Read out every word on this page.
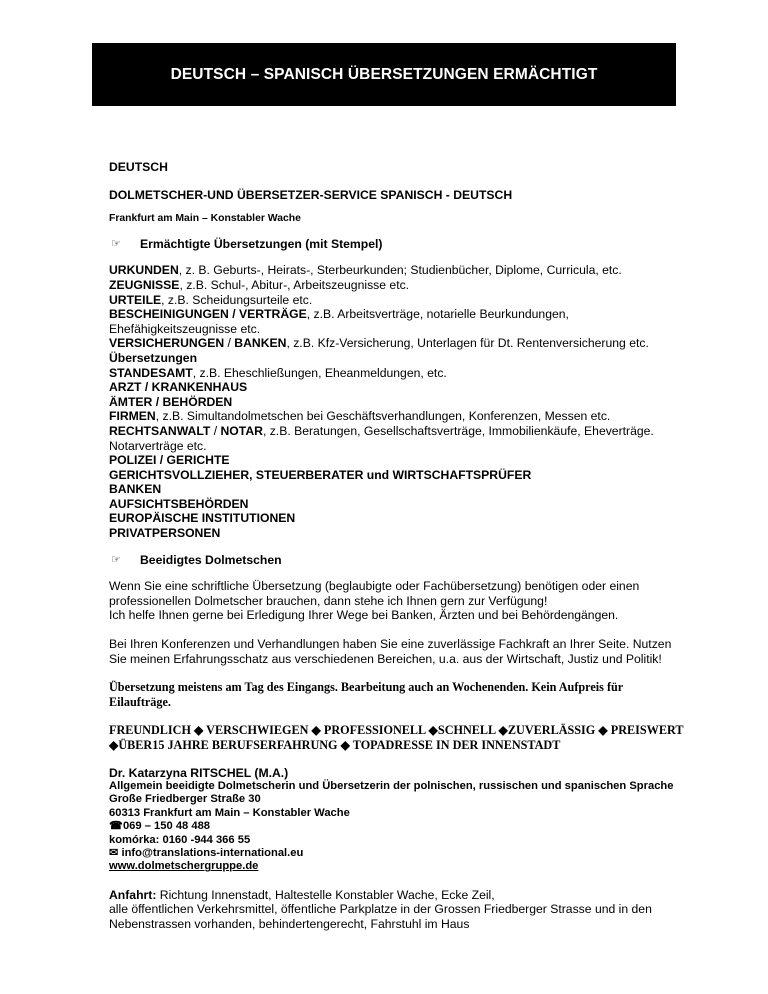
DEUTSCH – SPANISCH ÜBERSETZUNGEN ERMÄCHTIGT
DEUTSCH
DOLMETSCHER-UND ÜBERSETZER-SERVICE SPANISCH - DEUTSCH
Frankfurt am Main – Konstabler Wache
☞	Ermächtigte Übersetzungen (mit Stempel)
URKUNDEN, z. B. Geburts-, Heirats-, Sterbeurkunden; Studienbücher, Diplome, Curricula, etc.
ZEUGNISSE, z.B. Schul-, Abitur-, Arbeitszeugnisse etc.
URTEILE, z.B. Scheidungsurteile etc.
BESCHEINIGUNGEN / VERTRÄGE, z.B. Arbeitsverträge, notarielle Beurkundungen,
Ehefähigkeitszeugnisse etc.
VERSICHERUNGEN / BANKEN, z.B. Kfz-Versicherung, Unterlagen für Dt. Rentenversicherung etc.
Übersetzungen
STANDESAMT, z.B. Eheschließungen, Eheanmeldungen, etc.
ARZT / KRANKENHAUS
ÄMTER / BEHÖRDEN
FIRMEN, z.B. Simultandolmetschen bei Geschäftsverhandlungen, Konferenzen, Messen etc.
RECHTSANWALT / NOTAR, z.B. Beratungen, Gesellschaftsverträge, Immobilienkäufe, Eheverträge.
Notarverträge etc.
POLIZEI / GERICHTE
GERICHTSVOLLZIEHER, STEUERBERATER und WIRTSCHAFTSPRÜFER
BANKEN
AUFSICHTSBEHÖRDEN
EUROPÄISCHE INSTITUTIONEN
PRIVATPERSONEN
☞	Beeidigtes Dolmetschen
Wenn Sie eine schriftliche Übersetzung (beglaubigte oder Fachübersetzung) benötigen oder einen
professionellen Dolmetscher brauchen, dann stehe ich Ihnen gern zur Verfügung!
Ich helfe Ihnen gerne bei Erledigung Ihrer Wege bei Banken, Ärzten und bei Behördengängen.
Bei Ihren Konferenzen und Verhandlungen haben Sie eine zuverlässige Fachkraft an Ihrer Seite. Nutzen
Sie meinen Erfahrungsschatz aus verschiedenen Bereichen, u.a. aus der Wirtschaft, Justiz und Politik!
Übersetzung meistens am Tag des Eingangs. Bearbeitung auch an Wochenenden. Kein Aufpreis für
Eilaufträge.
FREUNDLICH ◆ VERSCHWIEGEN ◆ PROFESSIONELL ◆SCHNELL ◆ZUVERLÄSSIG ◆ PREISWERT
◆ÜBER15 JAHRE BERUFSERFAHRUNG ◆ TOPADRESSE IN DER INNENSTADT
Dr. Katarzyna RITSCHEL (M.A.)
Allgemein beeidigte Dolmetscherin und Übersetzerin der polnischen, russischen und spanischen Sprache
Große Friedberger Straße 30
60313 Frankfurt am Main – Konstabler Wache
☎069 – 150 48 488
komórka: 0160 -944 366 55
✉ info@translations-international.eu
www.dolmetschergruppe.de
Anfahrt: Richtung Innenstadt, Haltestelle Konstabler Wache, Ecke Zeil,
alle öffentlichen Verkehrsmittel, öffentliche Parkplatze in der Grossen Friedberger Strasse und in den
Nebenstrassen vorhanden, behindertengerecht, Fahrstuhl im Haus
